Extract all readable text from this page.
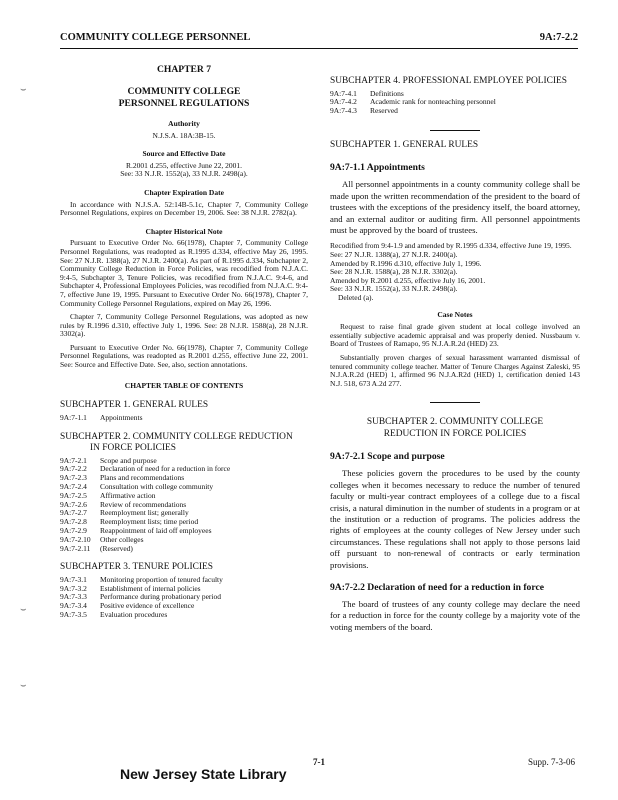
COMMUNITY COLLEGE PERSONNEL	9A:7-2.2
⌣
⌣
⌣
CHAPTER 7
COMMUNITY COLLEGE
PERSONNEL REGULATIONS
Authority
N.J.S.A. 18A:3B-15.
Source and Effective Date
R.2001 d.255, effective June 22, 2001.
See: 33 N.J.R. 1552(a), 33 N.J.R. 2498(a).
Chapter Expiration Date
In accordance with N.J.S.A. 52:14B-5.1c, Chapter 7, Community College Personnel Regulations, expires on December 19, 2006. See: 38 N.J.R. 2782(a).
Chapter Historical Note
Pursuant to Executive Order No. 66(1978), Chapter 7, Community College Personnel Regulations, was readopted as R.1995 d.334, effective May 26, 1995. See: 27 N.J.R. 1388(a), 27 N.J.R. 2400(a). As part of R.1995 d.334, Subchapter 2, Community College Reduction in Force Policies, was recodified from N.J.A.C. 9:4-5, Subchapter 3, Tenure Policies, was recodified from N.J.A.C. 9:4-6, and Subchapter 4, Professional Employees Policies, was recodified from N.J.A.C. 9:4-7, effective June 19, 1995. Pursuant to Executive Order No. 66(1978), Chapter 7, Community College Personnel Regulations, expired on May 26, 1996.
Chapter 7, Community College Personnel Regulations, was adopted as new rules by R.1996 d.310, effective July 1, 1996. See: 28 N.J.R. 1588(a), 28 N.J.R. 3302(a).
Pursuant to Executive Order No. 66(1978), Chapter 7, Community College Personnel Regulations, was readopted as R.2001 d.255, effective June 22, 2001. See: Source and Effective Date. See, also, section annotations.
CHAPTER TABLE OF CONTENTS
SUBCHAPTER 1. GENERAL RULES
9A:7-1.1	Appointments
SUBCHAPTER 2. COMMUNITY COLLEGE REDUCTION
IN FORCE POLICIES
9A:7-2.1	Scope and purpose
9A:7-2.2	Declaration of need for a reduction in force
9A:7-2.3	Plans and recommendations
9A:7-2.4	Consultation with college community
9A:7-2.5	Affirmative action
9A:7-2.6	Review of recommendations
9A:7-2.7	Reemployment list; generally
9A:7-2.8	Reemployment lists; time period
9A:7-2.9	Reappointment of laid off employees
9A:7-2.10	Other colleges
9A:7-2.11	(Reserved)
SUBCHAPTER 3. TENURE POLICIES
9A:7-3.1	Monitoring proportion of tenured faculty
9A:7-3.2	Establishment of internal policies
9A:7-3.3	Performance during probationary period
9A:7-3.4	Positive evidence of excellence
9A:7-3.5	Evaluation procedures
SUBCHAPTER 4. PROFESSIONAL EMPLOYEE POLICIES
9A:7-4.1	Definitions
9A:7-4.2	Academic rank for nonteaching personnel
9A:7-4.3	Reserved
SUBCHAPTER 1. GENERAL RULES
9A:7-1.1 Appointments
All personnel appointments in a county community college shall be made upon the written recommendation of the president to the board of trustees with the exceptions of the presidency itself, the board attorney, and an external auditor or auditing firm. All personnel appointments must be approved by the board of trustees.
Recodified from 9:4-1.9 and amended by R.1995 d.334, effective June 19, 1995.
See: 27 N.J.R. 1388(a), 27 N.J.R. 2400(a).
Amended by R.1996 d.310, effective July 1, 1996.
See: 28 N.J.R. 1588(a), 28 N.J.R. 3302(a).
Amended by R.2001 d.255, effective July 16, 2001.
See: 33 N.J.R. 1552(a), 33 N.J.R. 2498(a).
Deleted (a).
Case Notes
Request to raise final grade given student at local college involved an essentially subjective academic appraisal and was properly denied. Nussbaum v. Board of Trustees of Ramapo, 95 N.J.A.R.2d (HED) 23.
Substantially proven charges of sexual harassment warranted dismissal of tenured community college teacher. Matter of Tenure Charges Against Zaleski, 95 N.J.A.R.2d (HED) 1, affirmed 96 N.J.A.R2d (HED) 1, certification denied 143 N.J. 518, 673 A.2d 277.
SUBCHAPTER 2. COMMUNITY COLLEGE
REDUCTION IN FORCE POLICIES
9A:7-2.1 Scope and purpose
These policies govern the procedures to be used by the county colleges when it becomes necessary to reduce the number of tenured faculty or multi-year contract employees of a college due to a fiscal crisis, a natural diminution in the number of students in a program or at the institution or a reduction of programs. The policies address the rights of employees at the county colleges of New Jersey under such circumstances. These regulations shall not apply to those persons laid off pursuant to non-renewal of contracts or early termination provisions.
9A:7-2.2 Declaration of need for a reduction in force
The board of trustees of any county college may declare the need for a reduction in force for the county college by a majority vote of the voting members of the board.
7-1	Supp. 7-3-06
New Jersey State Library
